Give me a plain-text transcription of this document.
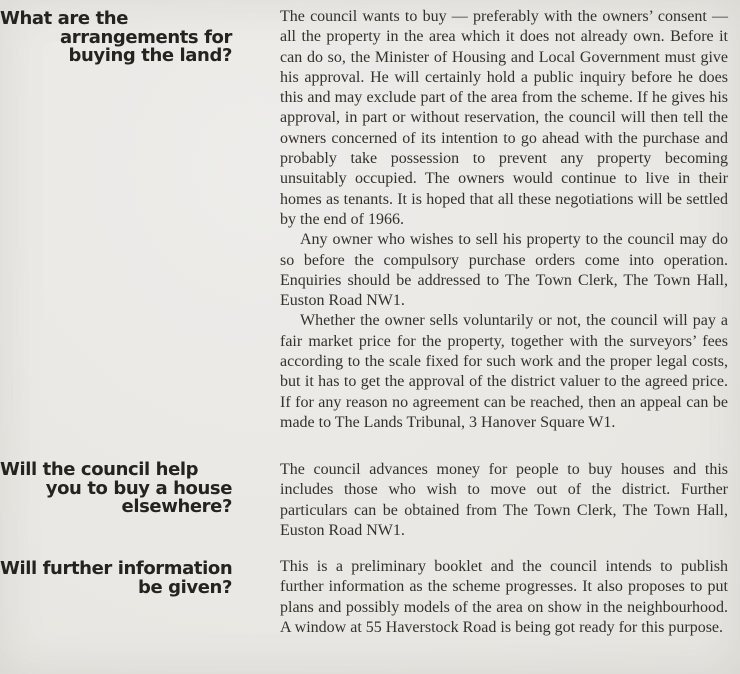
What are the
arrangements for
buying the land?

The council wants to buy — preferably with the owners’ consent — all the property in the area which it does not already own. Before it can do so, the Minister of Housing and Local Government must give his approval. He will certainly hold a public inquiry before he does this and may exclude part of the area from the scheme. If he gives his approval, in part or without reservation, the council will then tell the owners concerned of its intention to go ahead with the purchase and probably take possession to prevent any property becoming unsuitably occupied. The owners would continue to live in their homes as tenants. It is hoped that all these negotiations will be settled by the end of 1966.

Any owner who wishes to sell his property to the council may do so before the compulsory purchase orders come into operation. Enquiries should be addressed to The Town Clerk, The Town Hall, Euston Road NW1.

Whether the owner sells voluntarily or not, the council will pay a fair market price for the property, together with the surveyors’ fees according to the scale fixed for such work and the proper legal costs, but it has to get the approval of the district valuer to the agreed price. If for any reason no agreement can be reached, then an appeal can be made to The Lands Tribunal, 3 Hanover Square W1.

Will the council help
you to buy a house
elsewhere?

The council advances money for people to buy houses and this includes those who wish to move out of the district. Further particulars can be obtained from The Town Clerk, The Town Hall, Euston Road NW1.

Will further information
be given?

This is a preliminary booklet and the council intends to publish further information as the scheme progresses. It also proposes to put plans and possibly models of the area on show in the neighbourhood. A window at 55 Haverstock Road is being got ready for this purpose.
